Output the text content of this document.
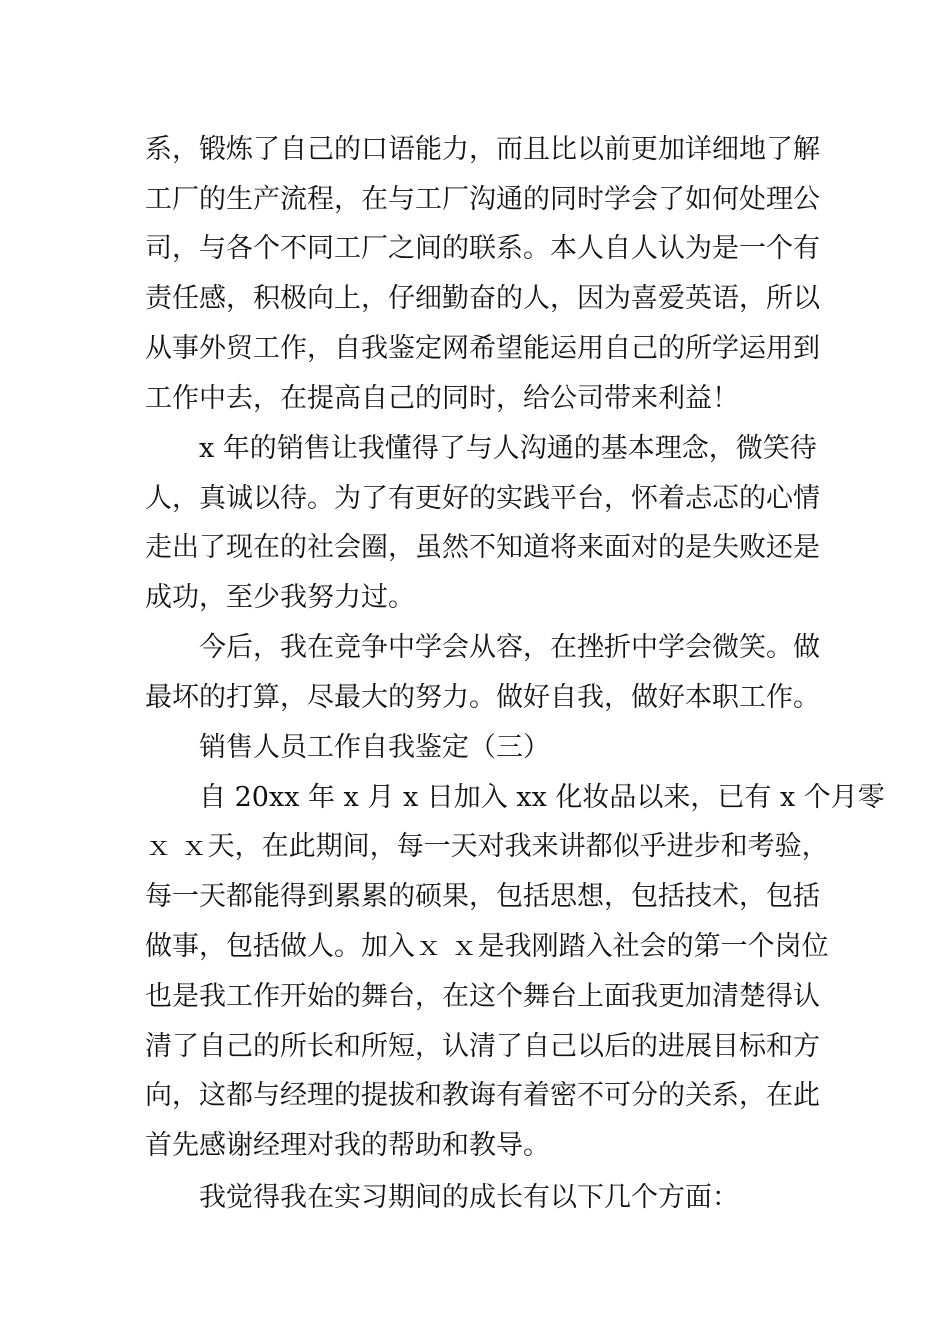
系，锻炼了自己的口语能力，而且比以前更加详细地了解
工厂的生产流程，在与工厂沟通的同时学会了如何处理公
司，与各个不同工厂之间的联系。本人自人认为是一个有
责任感，积极向上，仔细勤奋的人，因为喜爱英语，所以
从事外贸工作，自我鉴定网希望能运用自己的所学运用到
工作中去，在提高自己的同时，给公司带来利益！
x 年的销售让我懂得了与人沟通的基本理念，微笑待
人，真诚以待。为了有更好的实践平台，怀着忐忑的心情
走出了现在的社会圈，虽然不知道将来面对的是失败还是
成功，至少我努力过。
今后，我在竞争中学会从容，在挫折中学会微笑。做
最坏的打算，尽最大的努力。做好自我，做好本职工作。
销售人员工作自我鉴定（三）
自 20xx 年 x 月 x 日加入 xx 化妆品以来，已有 x 个月零
ｘ ｘ天，在此期间，每一天对我来讲都似乎进步和考验，
每一天都能得到累累的硕果，包括思想，包括技术，包括
做事，包括做人。加入ｘ ｘ是我刚踏入社会的第一个岗位
也是我工作开始的舞台，在这个舞台上面我更加清楚得认
清了自己的所长和所短，认清了自己以后的进展目标和方
向，这都与经理的提拔和教诲有着密不可分的关系，在此
首先感谢经理对我的帮助和教导。
我觉得我在实习期间的成长有以下几个方面：
